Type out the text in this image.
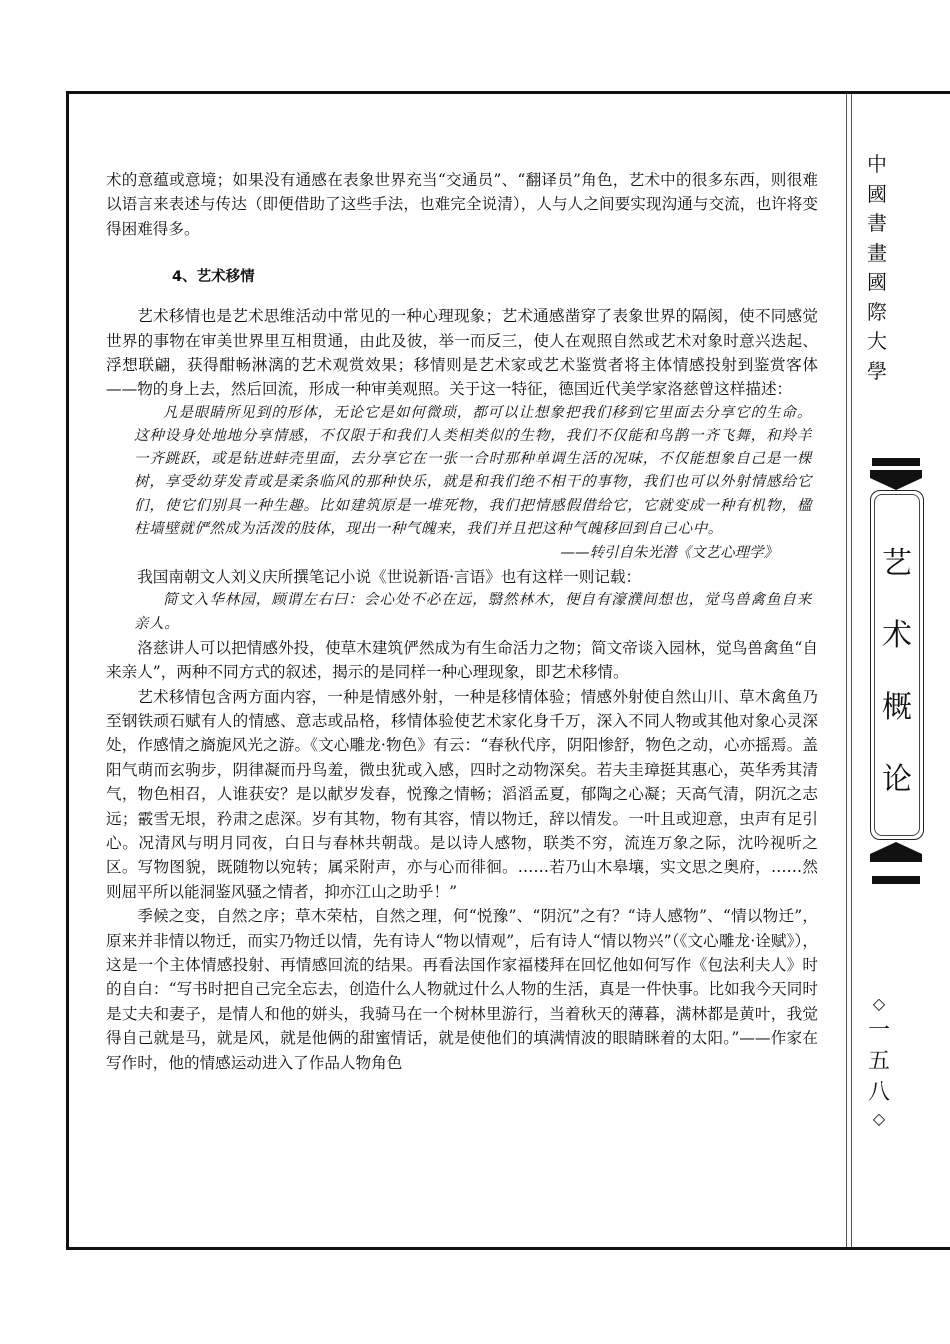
术的意蕴或意境；如果没有通感在表象世界充当“交通员”、“翻译员”角色，艺术中的很多东西，则很难以语言来表述与传达（即便借助了这些手法，也难完全说清），人与人之间要实现沟通与交流，也许将变得困难得多。

4、艺术移情

艺术移情也是艺术思维活动中常见的一种心理现象；艺术通感凿穿了表象世界的隔阂，使不同感觉世界的事物在审美世界里互相贯通，由此及彼，举一而反三，使人在观照自然或艺术对象时意兴迭起、浮想联翩，获得酣畅淋漓的艺术观赏效果；移情则是艺术家或艺术鉴赏者将主体情感投射到鉴赏客体——物的身上去，然后回流，形成一种审美观照。关于这一特征，德国近代美学家洛慈曾这样描述：

凡是眼睛所见到的形体，无论它是如何微琐，都可以让想象把我们移到它里面去分享它的生命。这种设身处地地分享情感，不仅限于和我们人类相类似的生物，我们不仅能和鸟鹊一齐飞舞，和羚羊一齐跳跃，或是钻进蚌壳里面，去分享它在一张一合时那种单调生活的况味，不仅能想象自己是一棵树，享受幼芽发青或是柔条临风的那种快乐，就是和我们绝不相干的事物，我们也可以外射情感给它们，使它们别具一种生趣。比如建筑原是一堆死物，我们把情感假借给它，它就变成一种有机物，楹柱墙壁就俨然成为活泼的肢体，现出一种气魄来，我们并且把这种气魄移回到自己心中。

——转引自朱光潜《文艺心理学》

我国南朝文人刘义庆所撰笔记小说《世说新语·言语》也有这样一则记载：

简文入华林园，顾谓左右曰：会心处不必在远，翳然林木，便自有濠濮间想也，觉鸟兽禽鱼自来亲人。

洛慈讲人可以把情感外投，使草木建筑俨然成为有生命活力之物；简文帝谈入园林，觉鸟兽禽鱼“自来亲人”，两种不同方式的叙述，揭示的是同样一种心理现象，即艺术移情。

艺术移情包含两方面内容，一种是情感外射，一种是移情体验；情感外射使自然山川、草木禽鱼乃至钢铁顽石赋有人的情感、意志或品格，移情体验使艺术家化身千万，深入不同人物或其他对象心灵深处，作感情之旖旎风光之游。《文心雕龙·物色》有云：“春秋代序，阴阳惨舒，物色之动，心亦摇焉。盖阳气萌而玄驹步，阴律凝而丹鸟羞，微虫犹或入感，四时之动物深矣。若夫圭璋挺其惠心，英华秀其清气，物色相召，人谁获安？是以献岁发春，悦豫之情畅；滔滔孟夏，郁陶之心凝；天高气清，阴沉之志远；霰雪无垠，矜肃之虑深。岁有其物，物有其容，情以物迁，辞以情发。一叶且或迎意，虫声有足引心。况清风与明月同夜，白日与春林共朝哉。是以诗人感物，联类不穷，流连万象之际，沈吟视听之区。写物图貌，既随物以宛转；属采附声，亦与心而徘徊。……若乃山木皋壤，实文思之奥府，……然则屈平所以能洞鉴风骚之情者，抑亦江山之助乎！”

季候之变，自然之序；草木荣枯，自然之理，何“悦豫”、“阴沉”之有？“诗人感物”、“情以物迁”，原来并非情以物迁，而实乃物迁以情，先有诗人“物以情观”，后有诗人“情以物兴”（《文心雕龙·诠赋》），这是一个主体情感投射、再情感回流的结果。再看法国作家福楼拜在回忆他如何写作《包法利夫人》时的自白：“写书时把自己完全忘去，创造什么人物就过什么人物的生活，真是一件快事。比如我今天同时是丈夫和妻子，是情人和他的姘头，我骑马在一个树林里游行，当着秋天的薄暮，满林都是黄叶，我觉得自己就是马，就是风，就是他俩的甜蜜情话，就是使他们的填满情波的眼睛眯着的太阳。”——作家在写作时，他的情感运动进入了作品人物角色

中
國
書
畫
國
際
大
學
艺
术
概
论
◇
一
五
八
◇
